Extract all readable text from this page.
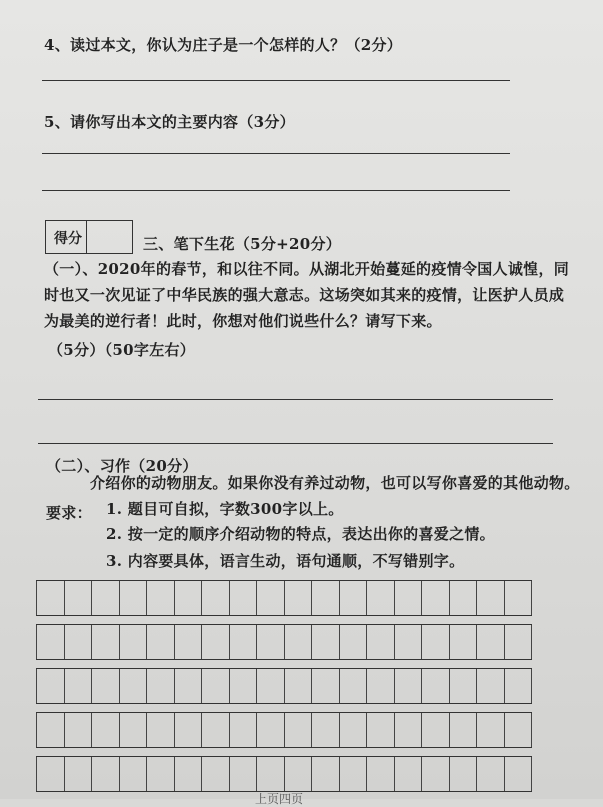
4、读过本文，你认为庄子是一个怎样的人？（2分）
5、请你写出本文的主要内容（3分）
得分	三、笔下生花（5分+20分）
（一）、2020年的春节，和以往不同。从湖北开始蔓延的疫情令国人诚惶，同
时也又一次见证了中华民族的强大意志。这场突如其来的疫情，让医护人员成
为最美的逆行者！此时，你想对他们说些什么？请写下来。
（5分）（50字左右）
（二）、习作（20分）
介绍你的动物朋友。如果你没有养过动物，也可以写你喜爱的其他动物。
要求： 1. 题目可自拟，字数300字以上。
2. 按一定的顺序介绍动物的特点，表达出你的喜爱之情。
3. 内容要具体，语言生动，语句通顺，不写错别字。
上页四页
